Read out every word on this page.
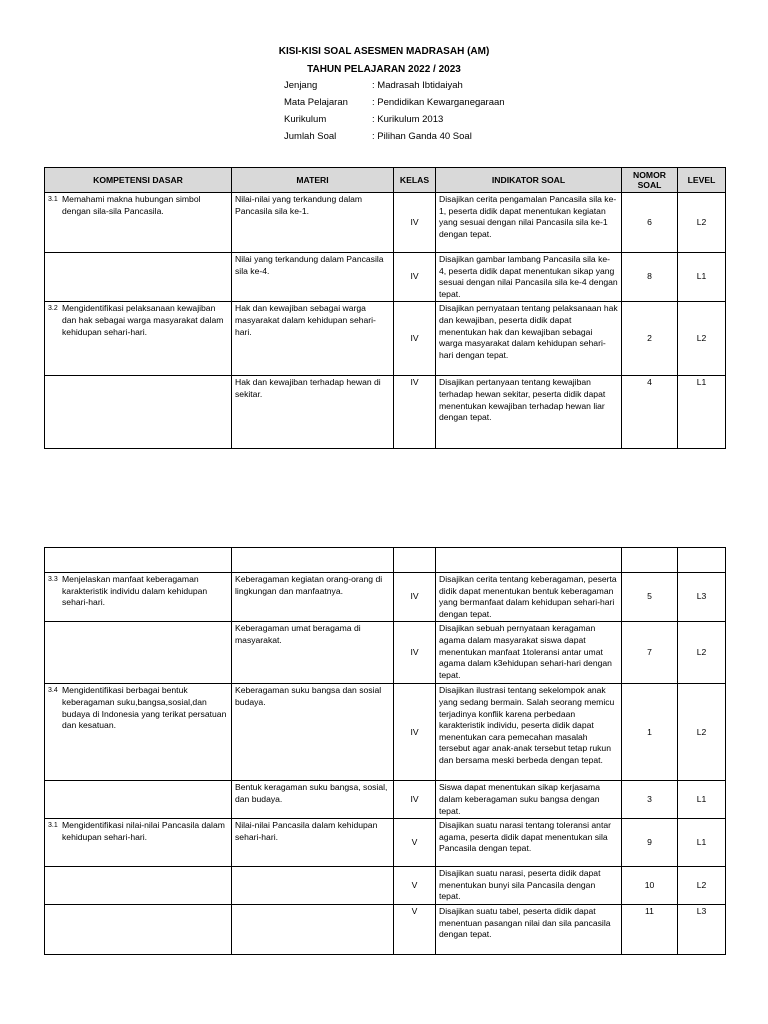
KISI-KISI SOAL ASESMEN MADRASAH (AM)
TAHUN PELAJARAN 2022 / 2023
Jenjang	: Madrasah Ibtidaiyah
Mata Pelajaran	: Pendidikan Kewarganegaraan
Kurikulum	: Kurikulum 2013
Jumlah Soal	: Pilihan Ganda 40 Soal
KOMPETENSI DASAR	MATERI	KELAS	INDIKATOR SOAL	NOMOR SOAL	LEVEL

3.1 Memahami makna hubungan simbol dengan sila-sila Pancasila.	Nilai-nilai yang terkandung dalam Pancasila sila ke-1.	IV	Disajikan cerita pengamalan Pancasila sila ke- 1, peserta didik dapat menentukan kegiatan yang sesuai dengan nilai Pancasila sila ke-1 dengan tepat.	6	L2

	Nilai yang terkandung dalam Pancasila sila ke-4.	IV	Disajikan gambar lambang Pancasila sila ke- 4, peserta didik dapat menentukan sikap yang sesuai dengan nilai Pancasila sila ke-4 dengan tepat.	8	L1

3.2 Mengidentifikasi pelaksanaan kewajiban dan hak sebagai warga masyarakat dalam kehidupan sehari-hari.	Hak dan kewajiban sebagai warga masyarakat dalam kehidupan sehari-hari.	IV	Disajikan pernyataan tentang pelaksanaan hak dan kewajiban, peserta didik dapat menentukan hak dan kewajiban sebagai warga masyarakat dalam kehidupan sehari-hari dengan tepat.	2	L2

	Hak dan kewajiban terhadap hewan di sekitar.	IV	Disajikan pertanyaan tentang kewajiban terhadap hewan sekitar, peserta didik dapat menentukan kewajiban terhadap hewan liar dengan tepat.	4	L1

3.3 Menjelaskan manfaat keberagaman karakteristik individu dalam kehidupan sehari-hari.	Keberagaman kegiatan orang-orang di lingkungan dan manfaatnya.	IV	Disajikan cerita tentang keberagaman, peserta didik dapat menentukan bentuk keberagaman yang bermanfaat dalam kehidupan sehari-hari dengan tepat.	5	L3

	Keberagaman umat beragama di masyarakat.	IV	Disajikan sebuah pernyataan keragaman agama dalam masyarakat siswa dapat menentukan manfaat 1toleransi antar umat agama dalam k3ehidupan sehari-hari dengan tepat.	7	L2

3.4 Mengidentifikasi berbagai bentuk keberagaman suku,bangsa,sosial,dan budaya di Indonesia yang terikat persatuan dan kesatuan.	Keberagaman suku bangsa dan sosial budaya.	IV	Disajikan ilustrasi tentang sekelompok anak yang sedang bermain. Salah seorang memicu terjadinya konflik karena perbedaan karakteristik individu, peserta didik dapat menentukan cara pemecahan masalah tersebut agar anak-anak tersebut tetap rukun dan bersama meski berbeda dengan tepat.	1	L2

	Bentuk keragaman suku bangsa, sosial, dan budaya.	IV	Siswa dapat menentukan sikap kerjasama dalam keberagaman suku bangsa dengan tepat.	3	L1

3.1 Mengidentifikasi nilai-nilai Pancasila dalam kehidupan sehari-hari.	Nilai-nilai Pancasila dalam kehidupan sehari-hari.	V	Disajikan suatu narasi tentang toleransi antar agama, peserta didik dapat menentukan sila Pancasila dengan tepat.	9	L1

		V	Disajikan suatu narasi, peserta didik dapat menentukan bunyi sila Pancasila dengan tepat.	10	L2

		V	Disajikan suatu tabel, peserta didik dapat menentuan pasangan nilai dan sila pancasila dengan tepat.	11	L3
